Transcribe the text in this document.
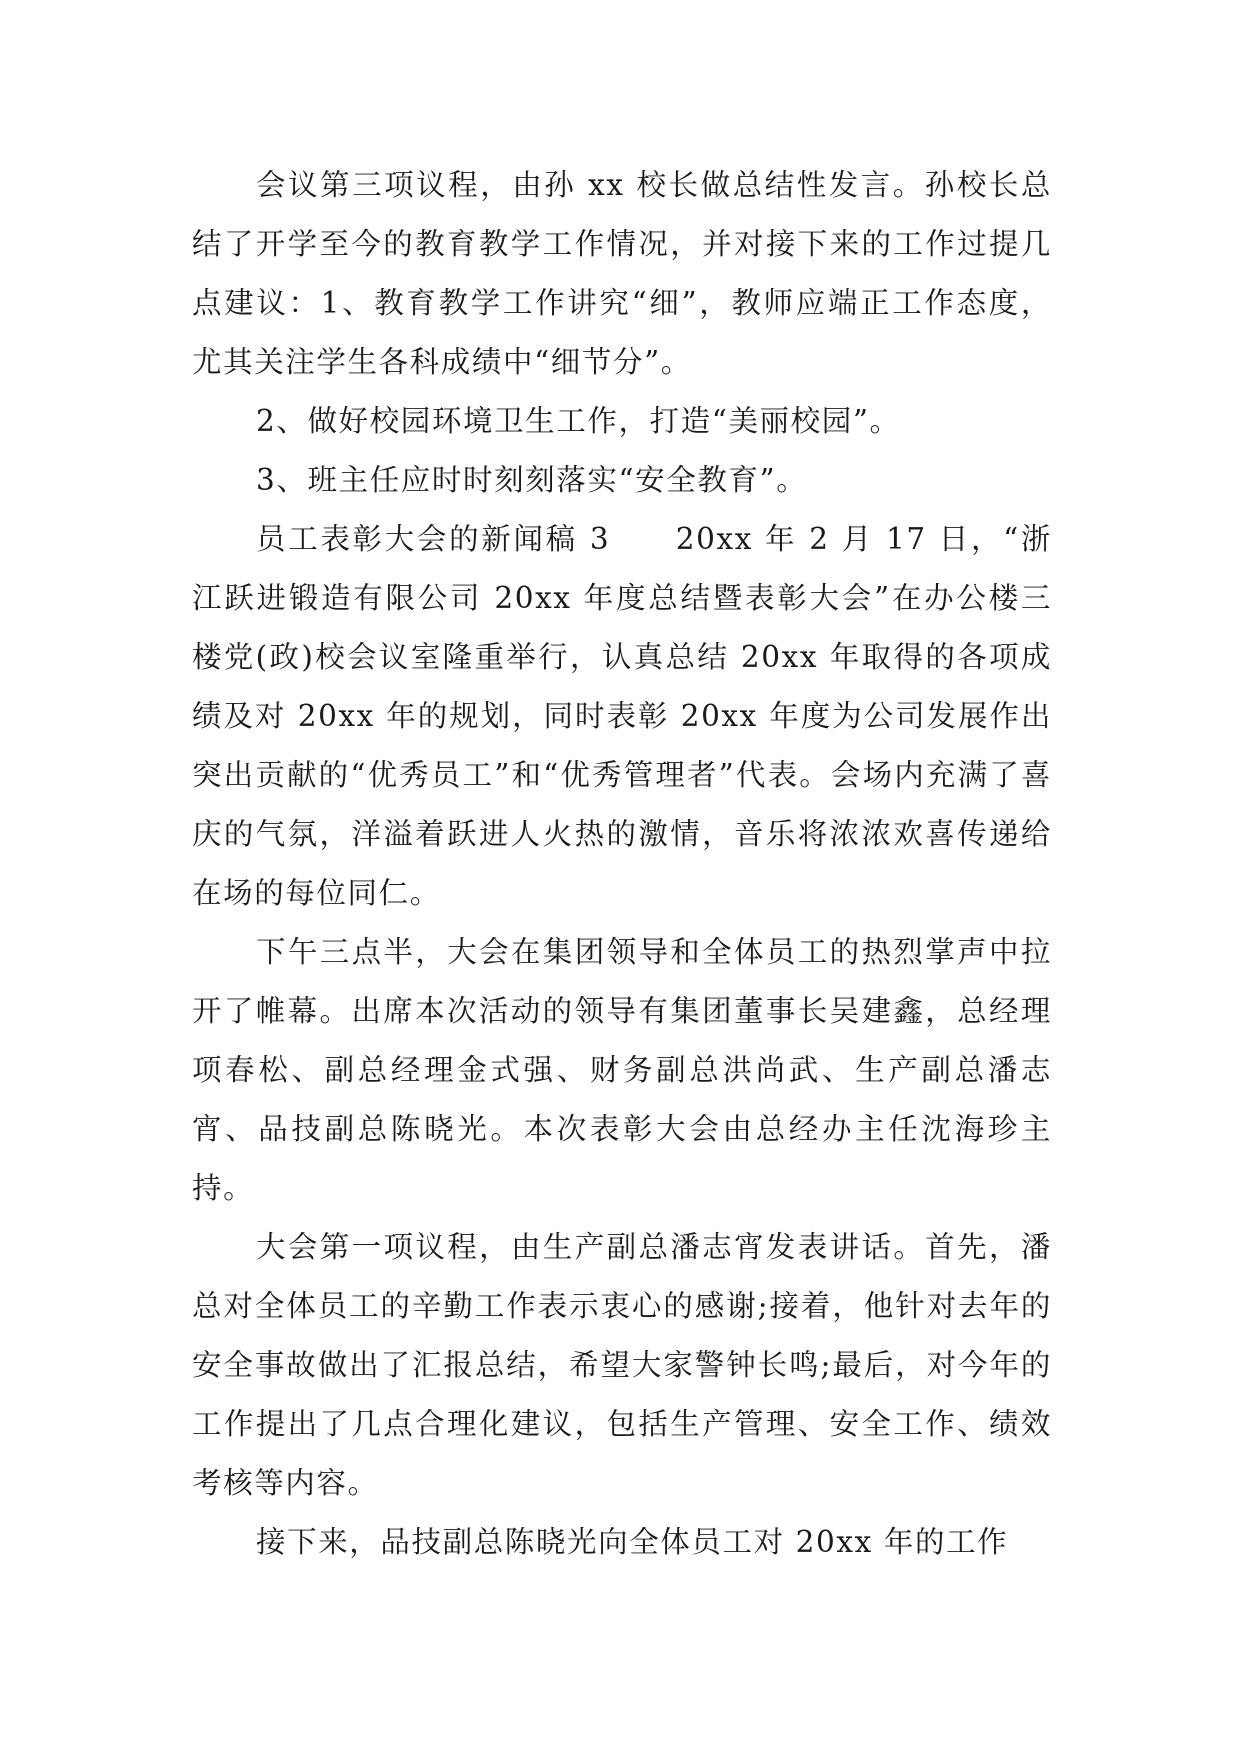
会议第三项议程，由孙 xx 校长做总结性发言。孙校长总结了开学至今的教育教学工作情况，并对接下来的工作过提几点建议：1、教育教学工作讲究“细”，教师应端正工作态度，尤其关注学生各科成绩中“细节分”。

2、做好校园环境卫生工作，打造“美丽校园”。

3、班主任应时时刻刻落实“安全教育”。

员工表彰大会的新闻稿 3　　20xx 年 2 月 17 日，“浙江跃进锻造有限公司 20xx 年度总结暨表彰大会”在办公楼三楼党(政)校会议室隆重举行，认真总结 20xx 年取得的各项成绩及对 20xx 年的规划，同时表彰 20xx 年度为公司发展作出突出贡献的“优秀员工”和“优秀管理者”代表。会场内充满了喜庆的气氛，洋溢着跃进人火热的激情，音乐将浓浓欢喜传递给在场的每位同仁。

下午三点半，大会在集团领导和全体员工的热烈掌声中拉开了帷幕。出席本次活动的领导有集团董事长吴建鑫，总经理项春松、副总经理金式强、财务副总洪尚武、生产副总潘志宵、品技副总陈晓光。本次表彰大会由总经办主任沈海珍主持。

大会第一项议程，由生产副总潘志宵发表讲话。首先，潘总对全体员工的辛勤工作表示衷心的感谢;接着，他针对去年的安全事故做出了汇报总结，希望大家警钟长鸣;最后，对今年的工作提出了几点合理化建议，包括生产管理、安全工作、绩效考核等内容。

接下来，品技副总陈晓光向全体员工对 20xx 年的工作
